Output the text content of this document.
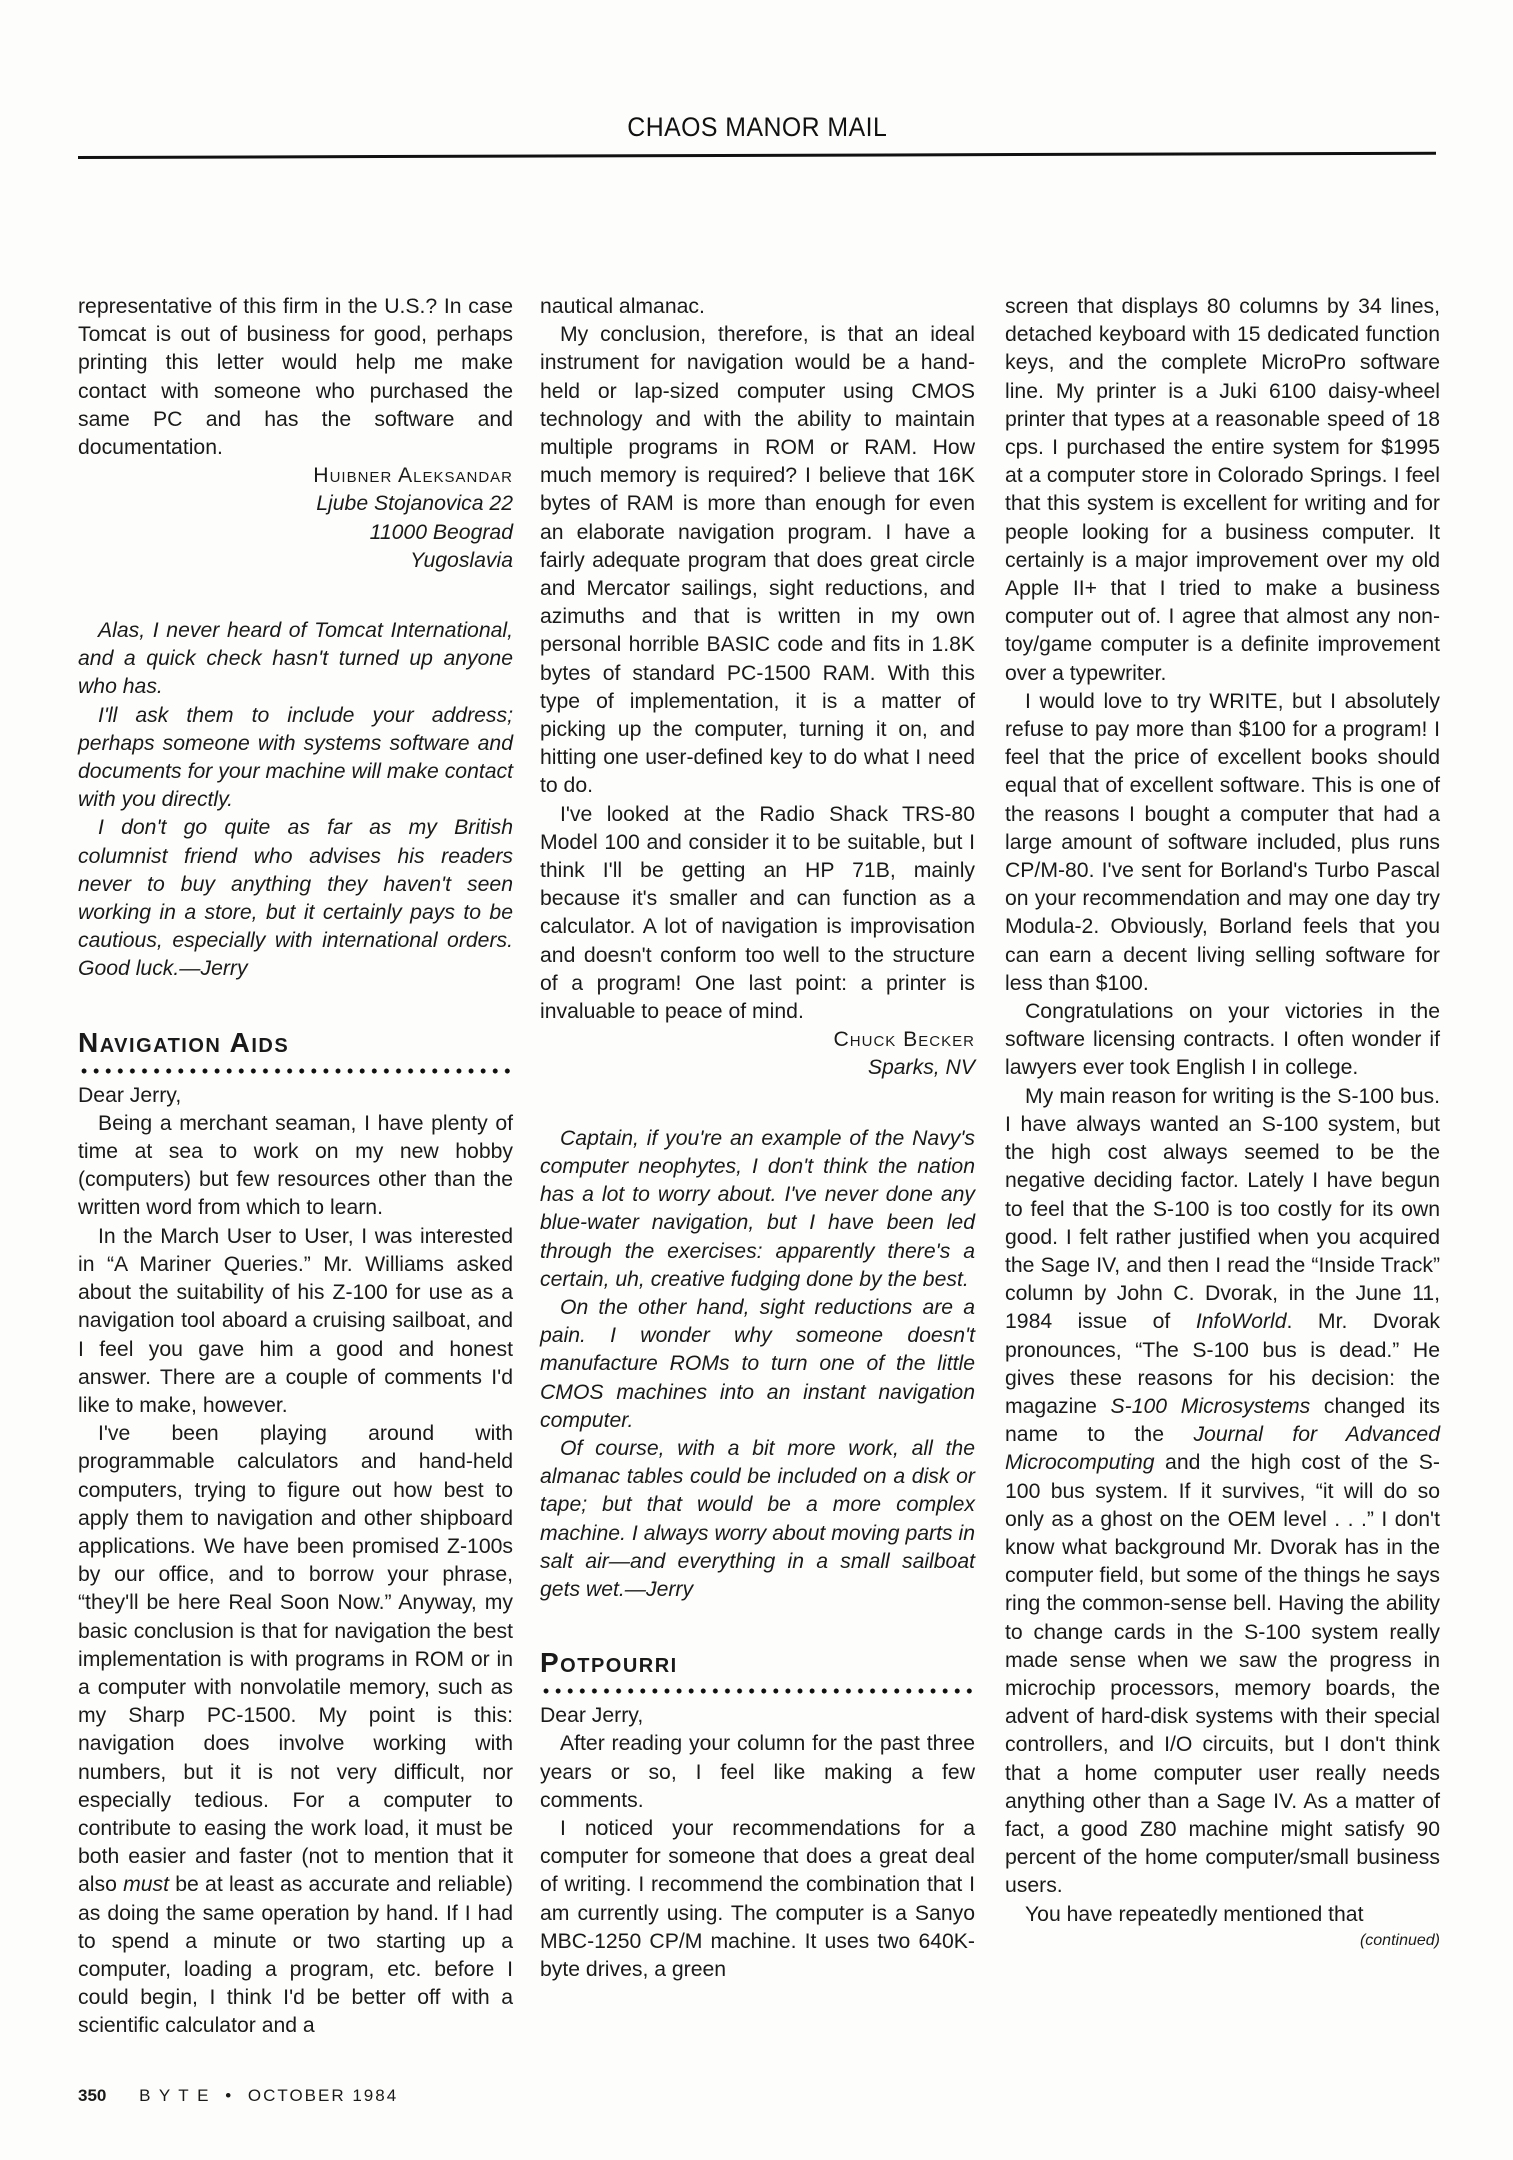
CHAOS MANOR MAIL

representative of this firm in the U.S.? In case Tomcat is out of business for good, perhaps printing this letter would help me make contact with someone who purchased the same PC and has the software and documentation.

Huibner Aleksandar
Ljube Stojanovica 22
11000 Beograd
Yugoslavia

Alas, I never heard of Tomcat International, and a quick check hasn't turned up anyone who has.

I'll ask them to include your address; perhaps someone with systems software and documents for your machine will make contact with you directly.

I don't go quite as far as my British columnist friend who advises his readers never to buy anything they haven't seen working in a store, but it certainly pays to be cautious, especially with international orders. Good luck.—Jerry

Navigation Aids

Dear Jerry,

Being a merchant seaman, I have plenty of time at sea to work on my new hobby (computers) but few resources other than the written word from which to learn.

In the March User to User, I was interested in “A Mariner Queries.” Mr. Williams asked about the suitability of his Z-100 for use as a navigation tool aboard a cruising sailboat, and I feel you gave him a good and honest answer. There are a couple of comments I'd like to make, however.

I've been playing around with programmable calculators and hand-held computers, trying to figure out how best to apply them to navigation and other shipboard applications. We have been promised Z-100s by our office, and to borrow your phrase, “they'll be here Real Soon Now.” Anyway, my basic conclusion is that for navigation the best implementation is with programs in ROM or in a computer with nonvolatile memory, such as my Sharp PC-1500. My point is this: navigation does involve working with numbers, but it is not very difficult, nor especially tedious. For a computer to contribute to easing the work load, it must be both easier and faster (not to mention that it also must be at least as accurate and reliable) as doing the same operation by hand. If I had to spend a minute or two starting up a computer, loading a program, etc. before I could begin, I think I'd be better off with a scientific calculator and a

nautical almanac.

My conclusion, therefore, is that an ideal instrument for navigation would be a hand-held or lap-sized computer using CMOS technology and with the ability to maintain multiple programs in ROM or RAM. How much memory is required? I believe that 16K bytes of RAM is more than enough for even an elaborate navigation program. I have a fairly adequate program that does great circle and Mercator sailings, sight reductions, and azimuths and that is written in my own personal horrible BASIC code and fits in 1.8K bytes of standard PC-1500 RAM. With this type of implementation, it is a matter of picking up the computer, turning it on, and hitting one user-defined key to do what I need to do.

I've looked at the Radio Shack TRS-80 Model 100 and consider it to be suitable, but I think I'll be getting an HP 71B, mainly because it's smaller and can function as a calculator. A lot of navigation is improvisation and doesn't conform too well to the structure of a program! One last point: a printer is invaluable to peace of mind.

Chuck Becker
Sparks, NV

Captain, if you're an example of the Navy's computer neophytes, I don't think the nation has a lot to worry about. I've never done any blue-water navigation, but I have been led through the exercises: apparently there's a certain, uh, creative fudging done by the best.

On the other hand, sight reductions are a pain. I wonder why someone doesn't manufacture ROMs to turn one of the little CMOS machines into an instant navigation computer.

Of course, with a bit more work, all the almanac tables could be included on a disk or tape; but that would be a more complex machine. I always worry about moving parts in salt air—and everything in a small sailboat gets wet.—Jerry

Potpourri

Dear Jerry,

After reading your column for the past three years or so, I feel like making a few comments.

I noticed your recommendations for a computer for someone that does a great deal of writing. I recommend the combination that I am currently using. The computer is a Sanyo MBC-1250 CP/M machine. It uses two 640K-byte drives, a green

screen that displays 80 columns by 34 lines, detached keyboard with 15 dedicated function keys, and the complete MicroPro software line. My printer is a Juki 6100 daisy-wheel printer that types at a reasonable speed of 18 cps. I purchased the entire system for $1995 at a computer store in Colorado Springs. I feel that this system is excellent for writing and for people looking for a business computer. It certainly is a major improvement over my old Apple II+ that I tried to make a business computer out of. I agree that almost any non-toy/game computer is a definite improvement over a typewriter.

I would love to try WRITE, but I absolutely refuse to pay more than $100 for a program! I feel that the price of excellent books should equal that of excellent software. This is one of the reasons I bought a computer that had a large amount of software included, plus runs CP/M-80. I've sent for Borland's Turbo Pascal on your recommendation and may one day try Modula-2. Obviously, Borland feels that you can earn a decent living selling software for less than $100.

Congratulations on your victories in the software licensing contracts. I often wonder if lawyers ever took English I in college.

My main reason for writing is the S-100 bus. I have always wanted an S-100 system, but the high cost always seemed to be the negative deciding factor. Lately I have begun to feel that the S-100 is too costly for its own good. I felt rather justified when you acquired the Sage IV, and then I read the “Inside Track” column by John C. Dvorak, in the June 11, 1984 issue of InfoWorld. Mr. Dvorak pronounces, “The S-100 bus is dead.” He gives these reasons for his decision: the magazine S-100 Microsystems changed its name to the Journal for Advanced Microcomputing and the high cost of the S-100 bus system. If it survives, “it will do so only as a ghost on the OEM level . . .” I don't know what background Mr. Dvorak has in the computer field, but some of the things he says ring the common-sense bell. Having the ability to change cards in the S-100 system really made sense when we saw the progress in microchip processors, memory boards, the advent of hard-disk systems with their special controllers, and I/O circuits, but I don't think that a home computer user really needs anything other than a Sage IV. As a matter of fact, a good Z80 machine might satisfy 90 percent of the home computer/small business users.

You have repeatedly mentioned that

(continued)
350 B Y T E • OCTOBER 1984
